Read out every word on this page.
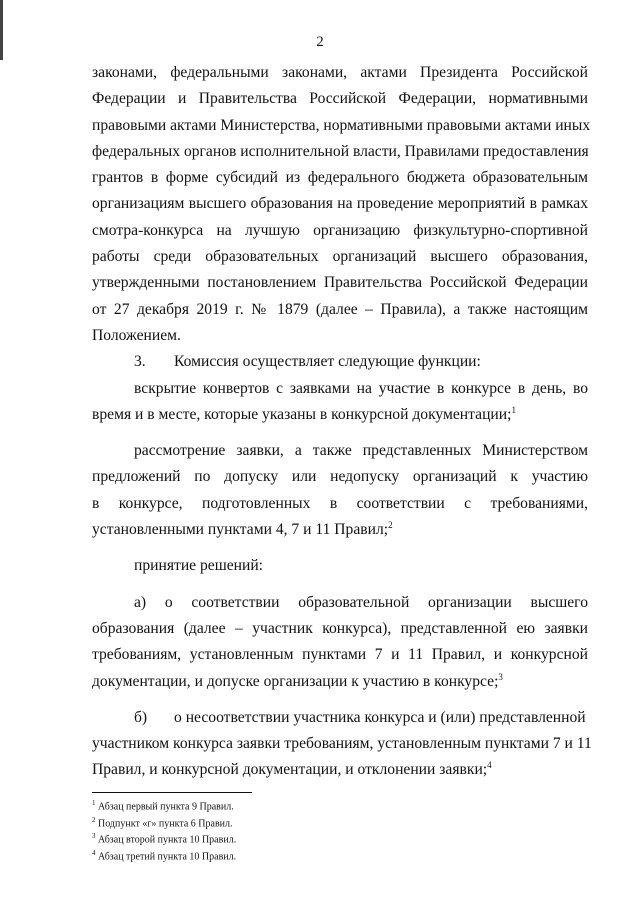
2
законами, федеральными законами, актами Президента Российской
Федерации и Правительства Российской Федерации, нормативными
правовыми актами Министерства, нормативными правовыми актами иных
федеральных органов исполнительной власти, Правилами предоставления
грантов в форме субсидий из федерального бюджета образовательным
организациям высшего образования на проведение мероприятий в рамках
смотра-конкурса на лучшую организацию физкультурно-спортивной
работы среди образовательных организаций высшего образования,
утвержденными постановлением Правительства Российской Федерации
от 27 декабря 2019 г. № 1879 (далее – Правила), а также настоящим
Положением.
3. Комиссия осуществляет следующие функции:
вскрытие конвертов с заявками на участие в конкурсе в день, во
время и в месте, которые указаны в конкурсной документации;$^1$
рассмотрение заявки, а также представленных Министерством
предложений по допуску или недопуску организаций к участию
в конкурсе, подготовленных в соответствии с требованиями,
установленными пунктами 4, 7 и 11 Правил;$^2$
принятие решений:
а) о соответствии образовательной организации высшего
образования (далее – участник конкурса), представленной ею заявки
требованиям, установленным пунктами 7 и 11 Правил, и конкурсной
документации, и допуске организации к участию в конкурсе;$^3$
б) о несоответствии участника конкурса и (или) представленной
участником конкурса заявки требованиям, установленным пунктами 7 и 11
Правил, и конкурсной документации, и отклонении заявки;$^4$
$^1$ Абзац первый пункта 9 Правил.
$^2$ Подпункт «г» пункта 6 Правил.
$^3$ Абзац второй пункта 10 Правил.
$^4$ Абзац третий пункта 10 Правил.
